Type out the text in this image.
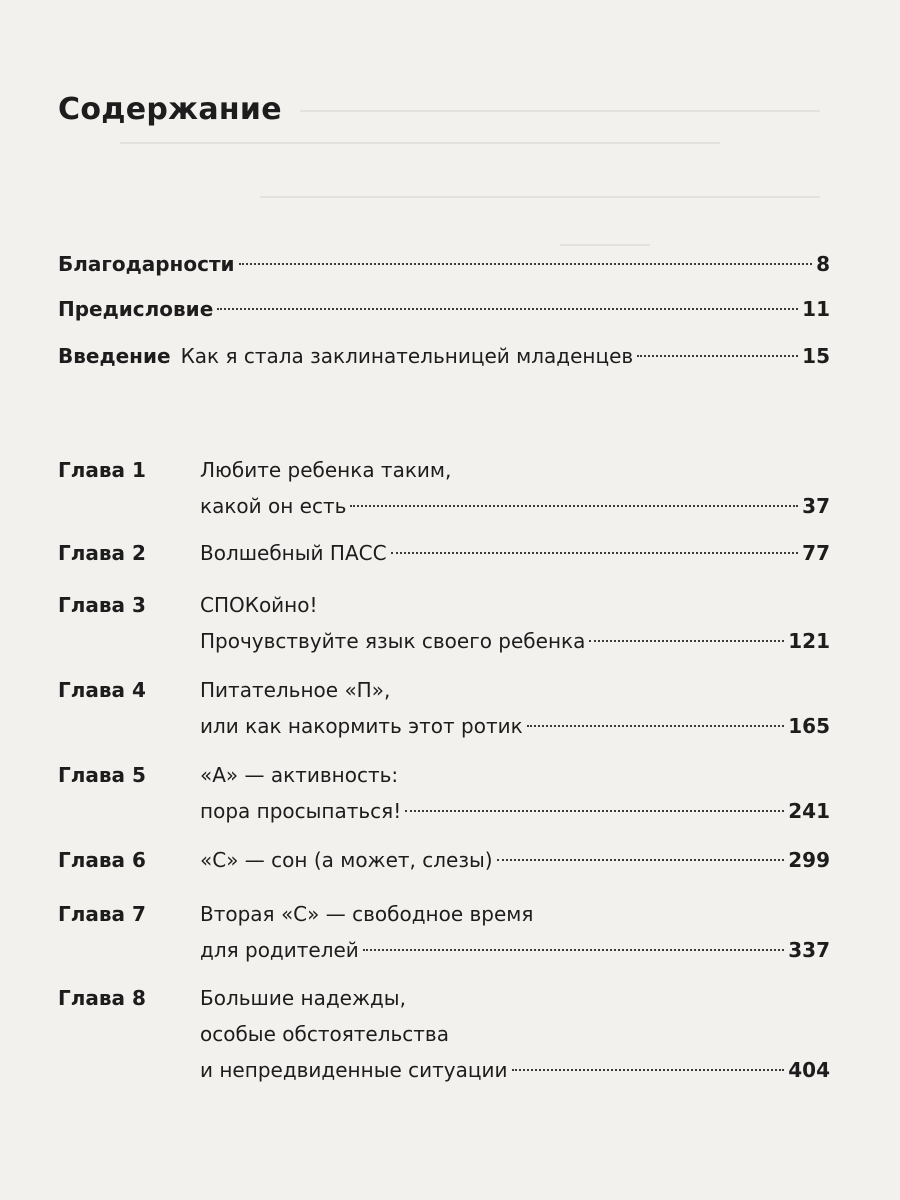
Содержание
Благодарности	8
Предисловие	11
Введение Как я стала заклинательницей младенцев	15
Глава 1	Любите ребенка таким,
какой он есть	37
Глава 2	Волшебный ПАСС	77
Глава 3	СПОКойно!
Прочувствуйте язык своего ребенка	121
Глава 4	Питательное «П»,
или как накормить этот ротик	165
Глава 5	«А» — активность:
пора просыпаться!	241
Глава 6	«С» — сон (а может, слезы)	299
Глава 7	Вторая «С» — свободное время
для родителей	337
Глава 8	Большие надежды,
особые обстоятельства
и непредвиденные ситуации	404
